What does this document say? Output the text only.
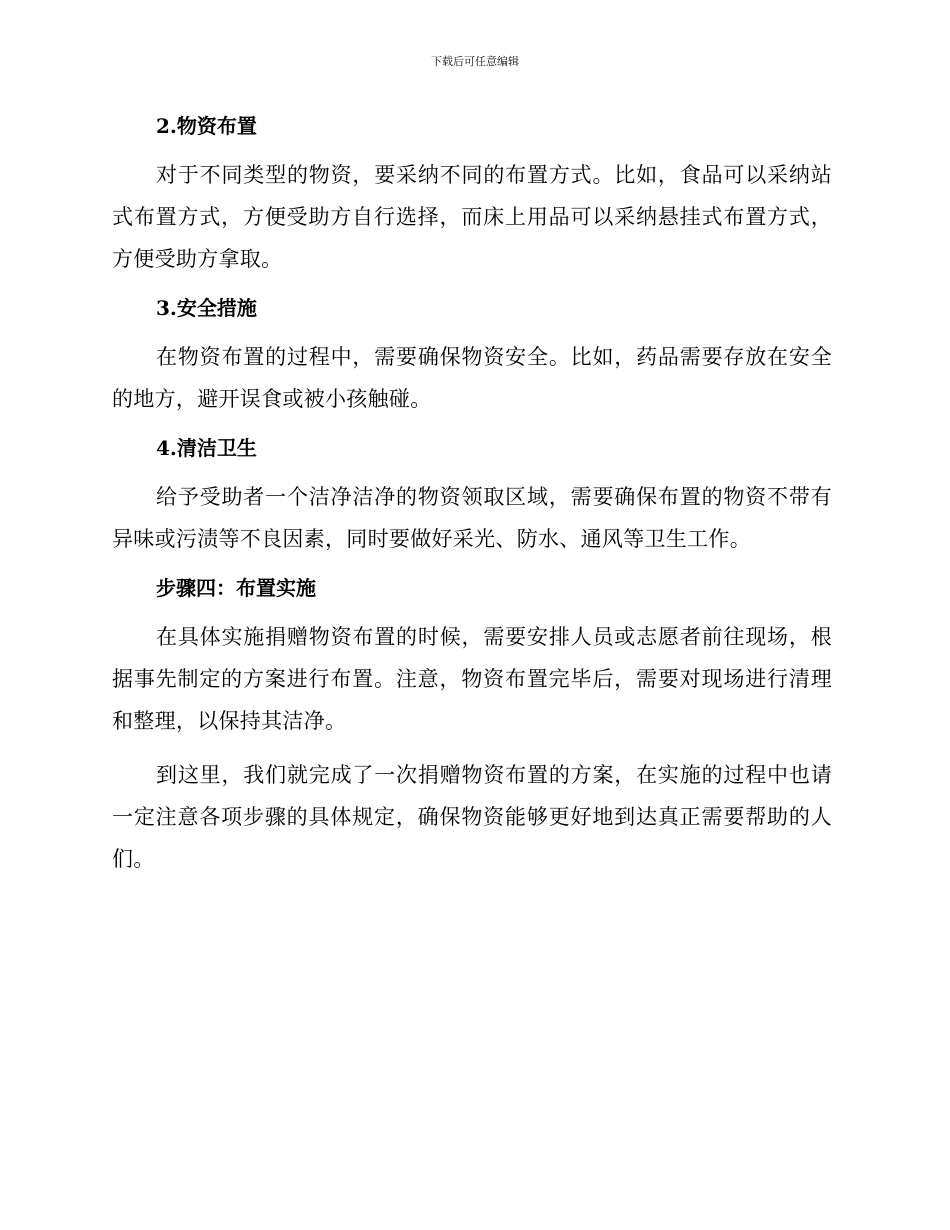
下载后可任意编辑
2.物资布置

对于不同类型的物资，要采纳不同的布置方式。比如，食品可以采纳站式布置方式，方便受助方自行选择，而床上用品可以采纳悬挂式布置方式，方便受助方拿取。

3.安全措施

在物资布置的过程中，需要确保物资安全。比如，药品需要存放在安全的地方，避开误食或被小孩触碰。

4.清洁卫生

给予受助者一个洁净洁净的物资领取区域，需要确保布置的物资不带有异味或污渍等不良因素，同时要做好采光、防水、通风等卫生工作。

步骤四：布置实施

在具体实施捐赠物资布置的时候，需要安排人员或志愿者前往现场，根据事先制定的方案进行布置。注意，物资布置完毕后，需要对现场进行清理和整理，以保持其洁净。

到这里，我们就完成了一次捐赠物资布置的方案，在实施的过程中也请一定注意各项步骤的具体规定，确保物资能够更好地到达真正需要帮助的人们。
